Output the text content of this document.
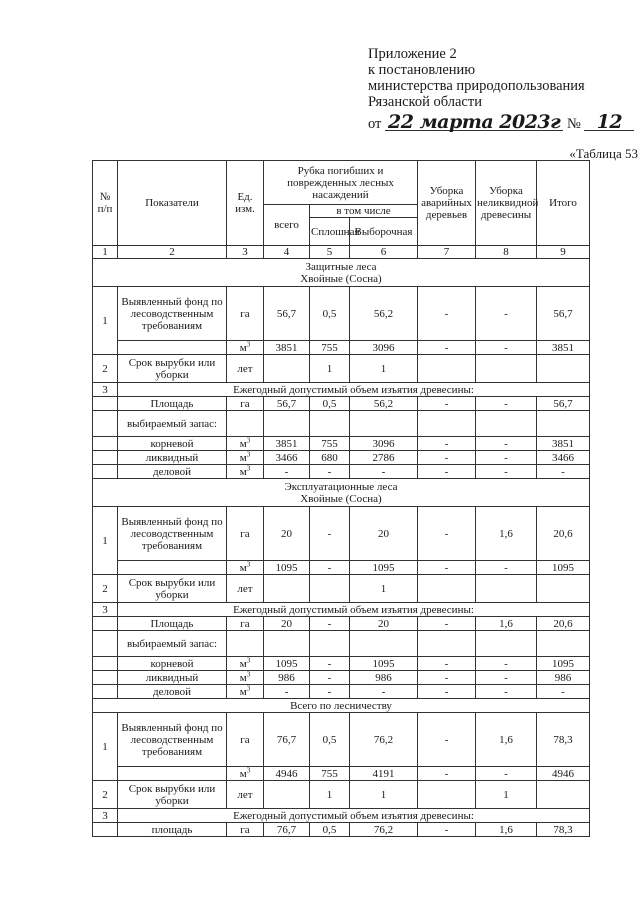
Приложение 2
к постановлению
министерства природопользования
Рязанской области
от 22 марта 2023г № 12
«Таблица 53
№ п/п	Показатели	Ед. изм.	Рубка погибших и поврежденных лесных насаждений			Уборка аварийных деревьев	Уборка неликвидной древесины	Итого
			всего	в том числе				
				Сплошная	Выборочная			
1	2	3	4	5	6	7	8	9

Защитные леса
Хвойные (Сосна)								

1	Выявленный фонд по лесоводственным требованиям	га	56,7	0,5	56,2	-	-	56,7
		$м^3$	3851	755	3096	-	-	3851
2	Срок вырубки или уборки	лет		1	1			
3	Ежегодный допустимый объем изъятия древесины:							
	Площадь	га	56,7	0,5	56,2	-	-	56,7
	выбираемый запас:							
	корневой	$м^3$	3851	755	3096	-	-	3851
	ликвидный	$м^3$	3466	680	2786	-	-	3466
	деловой	$м^3$	-	-	-	-	-	-

Эксплуатационные леса
Хвойные (Сосна)								

1	Выявленный фонд по лесоводственным требованиям	га	20	-	20	-	1,6	20,6
		$м^3$	1095	-	1095	-	-	1095
2	Срок вырубки или уборки	лет			1			
3	Ежегодный допустимый объем изъятия древесины:							
	Площадь	га	20	-	20	-	1,6	20,6
	выбираемый запас:							
	корневой	$м^3$	1095	-	1095	-	-	1095
	ликвидный	$м^3$	986	-	986	-	-	986
	деловой	$м^3$	-	-	-	-	-	-
Всего по лесничеству								
1	Выявленный фонд по лесоводственным требованиям	га	76,7	0,5	76,2	-	1,6	78,3
		$м^3$	4946	755	4191	-	-	4946
2	Срок вырубки или уборки	лет		1	1		1	
3	Ежегодный допустимый объем изъятия древесины:							
	площадь	га	76,7	0,5	76,2	-	1,6	78,3
